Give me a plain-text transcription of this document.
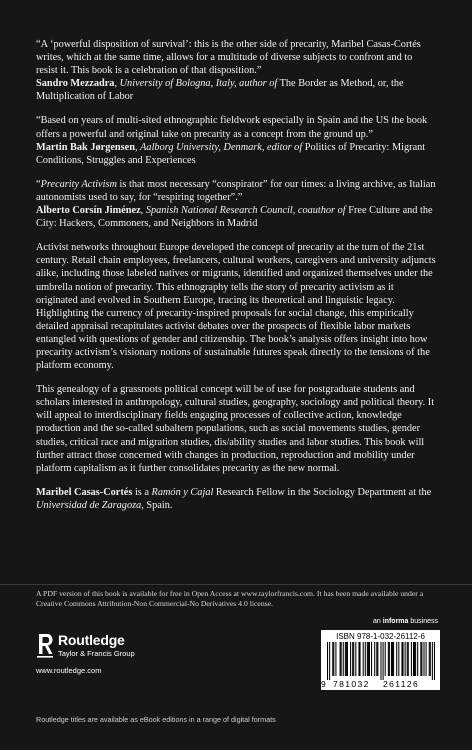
“A ‘powerful disposition of survival’: this is the other side of precarity, Maribel Casas-Cortés writes, which at the same time, allows for a multitude of diverse subjects to confront and to resist it. This book is a celebration of that disposition.”

Sandro Mezzadra, University of Bologna, Italy, author of The Border as Method, or, the Multiplication of Labor

“Based on years of multi-sited ethnographic fieldwork especially in Spain and the US the book offers a powerful and original take on precarity as a concept from the ground up.”

Martin Bak Jørgensen, Aalborg University, Denmark, editor of Politics of Precarity: Migrant Conditions, Struggles and Experiences

“Precarity Activism is that most necessary “conspirator” for our times: a living archive, as Italian autonomists used to say, for “respiring together”.”

Alberto Corsín Jiménez, Spanish National Research Council, coauthor of Free Culture and the City: Hackers, Commoners, and Neighbors in Madrid

Activist networks throughout Europe developed the concept of precarity at the turn of the 21st century. Retail chain employees, freelancers, cultural workers, caregivers and university adjuncts alike, including those labeled natives or migrants, identified and organized themselves under the umbrella notion of precarity. This ethnography tells the story of precarity activism as it originated and evolved in Southern Europe, tracing its theoretical and linguistic legacy. Highlighting the currency of precarity-inspired proposals for social change, this empirically detailed appraisal recapitulates activist debates over the prospects of flexible labor markets entangled with questions of gender and citizenship. The book’s analysis offers insight into how precarity activism’s visionary notions of sustainable futures speak directly to the tensions of the platform economy.

This genealogy of a grassroots political concept will be of use for postgraduate students and scholars interested in anthropology, cultural studies, geography, sociology and political theory. It will appeal to interdisciplinary fields engaging processes of collective action, knowledge production and the so-called subaltern populations, such as social movements studies, gender studies, critical race and migration studies, dis/ability studies and labor studies. This book will further attract those concerned with changes in production, reproduction and mobility under platform capitalism as it further consolidates precarity as the new normal.

Maribel Casas-Cortés is a Ramón y Cajal Research Fellow in the Sociology Department at the Universidad de Zaragoza, Spain.

A PDF version of this book is available for free in Open Access at www.taylorfrancis.com. It has been made available under a Creative Commons Attribution-Non Commercial-No Derivatives 4.0 license.
an informa business
Routledge
Taylor & Francis Group
www.routledge.com
ISBN 978-1-032-26112-6
9 781032 261126
Routledge titles are available as eBook editions in a range of digital formats
